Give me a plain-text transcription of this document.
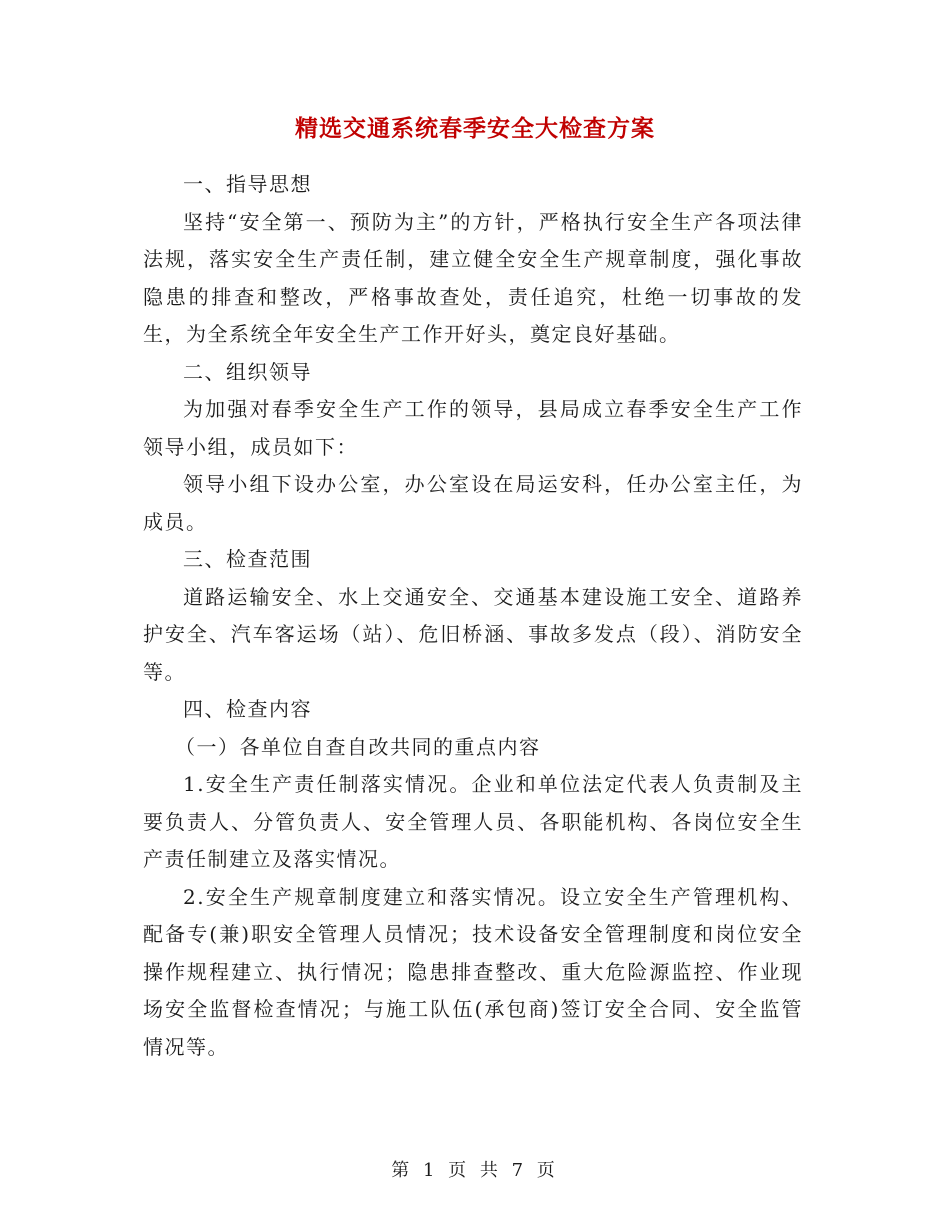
精选交通系统春季安全大检查方案

一、指导思想

坚持“安全第一、预防为主”的方针，严格执行安全生产各项法律法规，落实安全生产责任制，建立健全安全生产规章制度，强化事故隐患的排查和整改，严格事故查处，责任追究，杜绝一切事故的发生，为全系统全年安全生产工作开好头，奠定良好基础。

二、组织领导

为加强对春季安全生产工作的领导，县局成立春季安全生产工作领导小组，成员如下：

领导小组下设办公室，办公室设在局运安科，任办公室主任，为成员。

三、检查范围

道路运输安全、水上交通安全、交通基本建设施工安全、道路养护安全、汽车客运场（站）、危旧桥涵、事故多发点（段）、消防安全等。

四、检查内容

（一）各单位自查自改共同的重点内容

1.安全生产责任制落实情况。企业和单位法定代表人负责制及主要负责人、分管负责人、安全管理人员、各职能机构、各岗位安全生产责任制建立及落实情况。

2.安全生产规章制度建立和落实情况。设立安全生产管理机构、配备专(兼)职安全管理人员情况；技术设备安全管理制度和岗位安全操作规程建立、执行情况；隐患排查整改、重大危险源监控、作业现场安全监督检查情况；与施工队伍(承包商)签订安全合同、安全监管情况等。

第 1 页 共 7 页
